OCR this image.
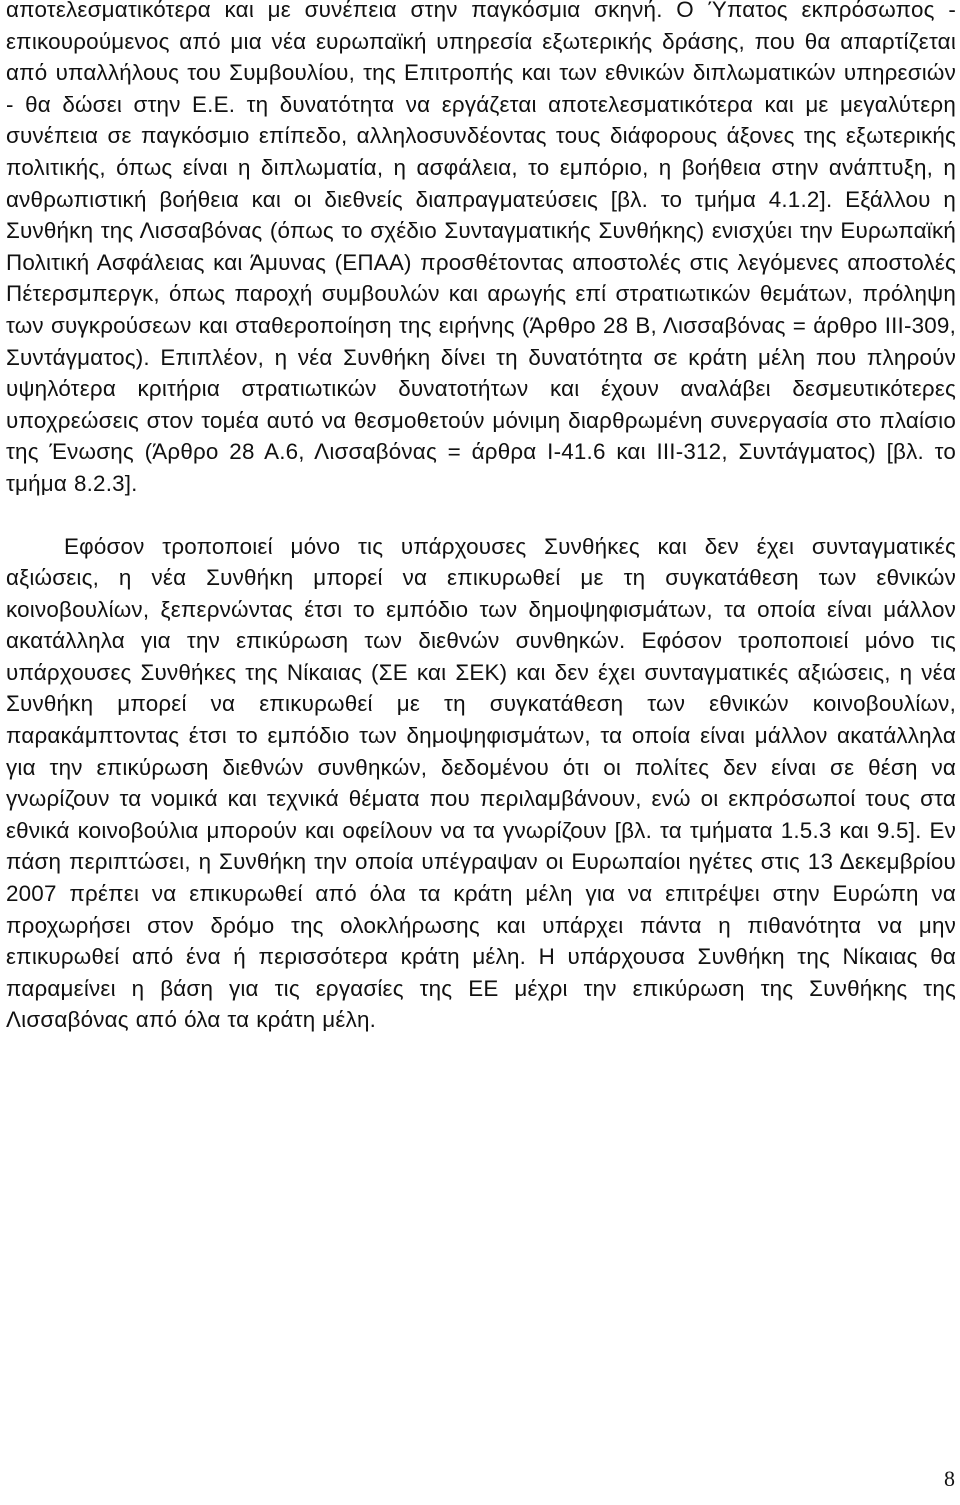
αποτελεσματικότερα και με συνέπεια στην παγκόσμια σκηνή. Ο Ύπατος εκπρόσωπος - επικουρούμενος από μια νέα ευρωπαϊκή υπηρεσία εξωτερικής δράσης, που θα απαρτίζεται από υπαλλήλους του Συμβουλίου, της Επιτροπής και των εθνικών διπλωματικών υπηρεσιών - θα δώσει στην Ε.Ε. τη δυνατότητα να εργάζεται αποτελεσματικότερα και με μεγαλύτερη συνέπεια σε παγκόσμιο επίπεδο, αλληλοσυνδέοντας τους διάφορους άξονες της εξωτερικής πολιτικής, όπως είναι η διπλωματία, η ασφάλεια, το εμπόριο, η βοήθεια στην ανάπτυξη, η ανθρωπιστική βοήθεια και οι διεθνείς διαπραγματεύσεις [βλ. το τμήμα 4.1.2]. Εξάλλου η Συνθήκη της Λισσαβόνας (όπως το σχέδιο Συνταγματικής Συνθήκης) ενισχύει την Ευρωπαϊκή Πολιτική Ασφάλειας και Άμυνας (ΕΠΑΑ) προσθέτοντας αποστολές στις λεγόμενες αποστολές Πέτερσμπεργκ, όπως παροχή συμβουλών και αρωγής επί στρατιωτικών θεμάτων, πρόληψη των συγκρούσεων και σταθεροποίηση της ειρήνης (Άρθρο 28 Β, Λισσαβόνας = άρθρο ΙΙΙ-309, Συντάγματος). Επιπλέον, η νέα Συνθήκη δίνει τη δυνατότητα σε κράτη μέλη που πληρούν υψηλότερα κριτήρια στρατιωτικών δυνατοτήτων και έχουν αναλάβει δεσμευτικότερες υποχρεώσεις στον τομέα αυτό να θεσμοθετούν μόνιμη διαρθρωμένη συνεργασία στο πλαίσιο της Ένωσης (Άρθρο 28 Α.6, Λισσαβόνας = άρθρα Ι-41.6 και ΙΙΙ-312, Συντάγματος) [βλ. το τμήμα 8.2.3].

Εφόσον τροποποιεί μόνο τις υπάρχουσες Συνθήκες και δεν έχει συνταγματικές αξιώσεις, η νέα Συνθήκη μπορεί να επικυρωθεί με τη συγκατάθεση των εθνικών κοινοβουλίων, ξεπερνώντας έτσι το εμπόδιο των δημοψηφισμάτων, τα οποία είναι μάλλον ακατάλληλα για την επικύρωση των διεθνών συνθηκών. Εφόσον τροποποιεί μόνο τις υπάρχουσες Συνθήκες της Νίκαιας (ΣΕ και ΣΕΚ) και δεν έχει συνταγματικές αξιώσεις, η νέα Συνθήκη μπορεί να επικυρωθεί με τη συγκατάθεση των εθνικών κοινοβουλίων, παρακάμπτοντας έτσι το εμπόδιο των δημοψηφισμάτων, τα οποία είναι μάλλον ακατάλληλα για την επικύρωση διεθνών συνθηκών, δεδομένου ότι οι πολίτες δεν είναι σε θέση να γνωρίζουν τα νομικά και τεχνικά θέματα που περιλαμβάνουν, ενώ οι εκπρόσωποί τους στα εθνικά κοινοβούλια μπορούν και οφείλουν να τα γνωρίζουν [βλ. τα τμήματα 1.5.3 και 9.5]. Εν πάση περιπτώσει, η Συνθήκη την οποία υπέγραψαν οι Ευρωπαίοι ηγέτες στις 13 Δεκεμβρίου 2007 πρέπει να επικυρωθεί από όλα τα κράτη μέλη για να επιτρέψει στην Ευρώπη να προχωρήσει στον δρόμο της ολοκλήρωσης και υπάρχει πάντα η πιθανότητα να μην επικυρωθεί από ένα ή περισσότερα κράτη μέλη. Η υπάρχουσα Συνθήκη της Νίκαιας θα παραμείνει η βάση για τις εργασίες της ΕΕ μέχρι την επικύρωση της Συνθήκης της Λισσαβόνας από όλα τα κράτη μέλη.

8
